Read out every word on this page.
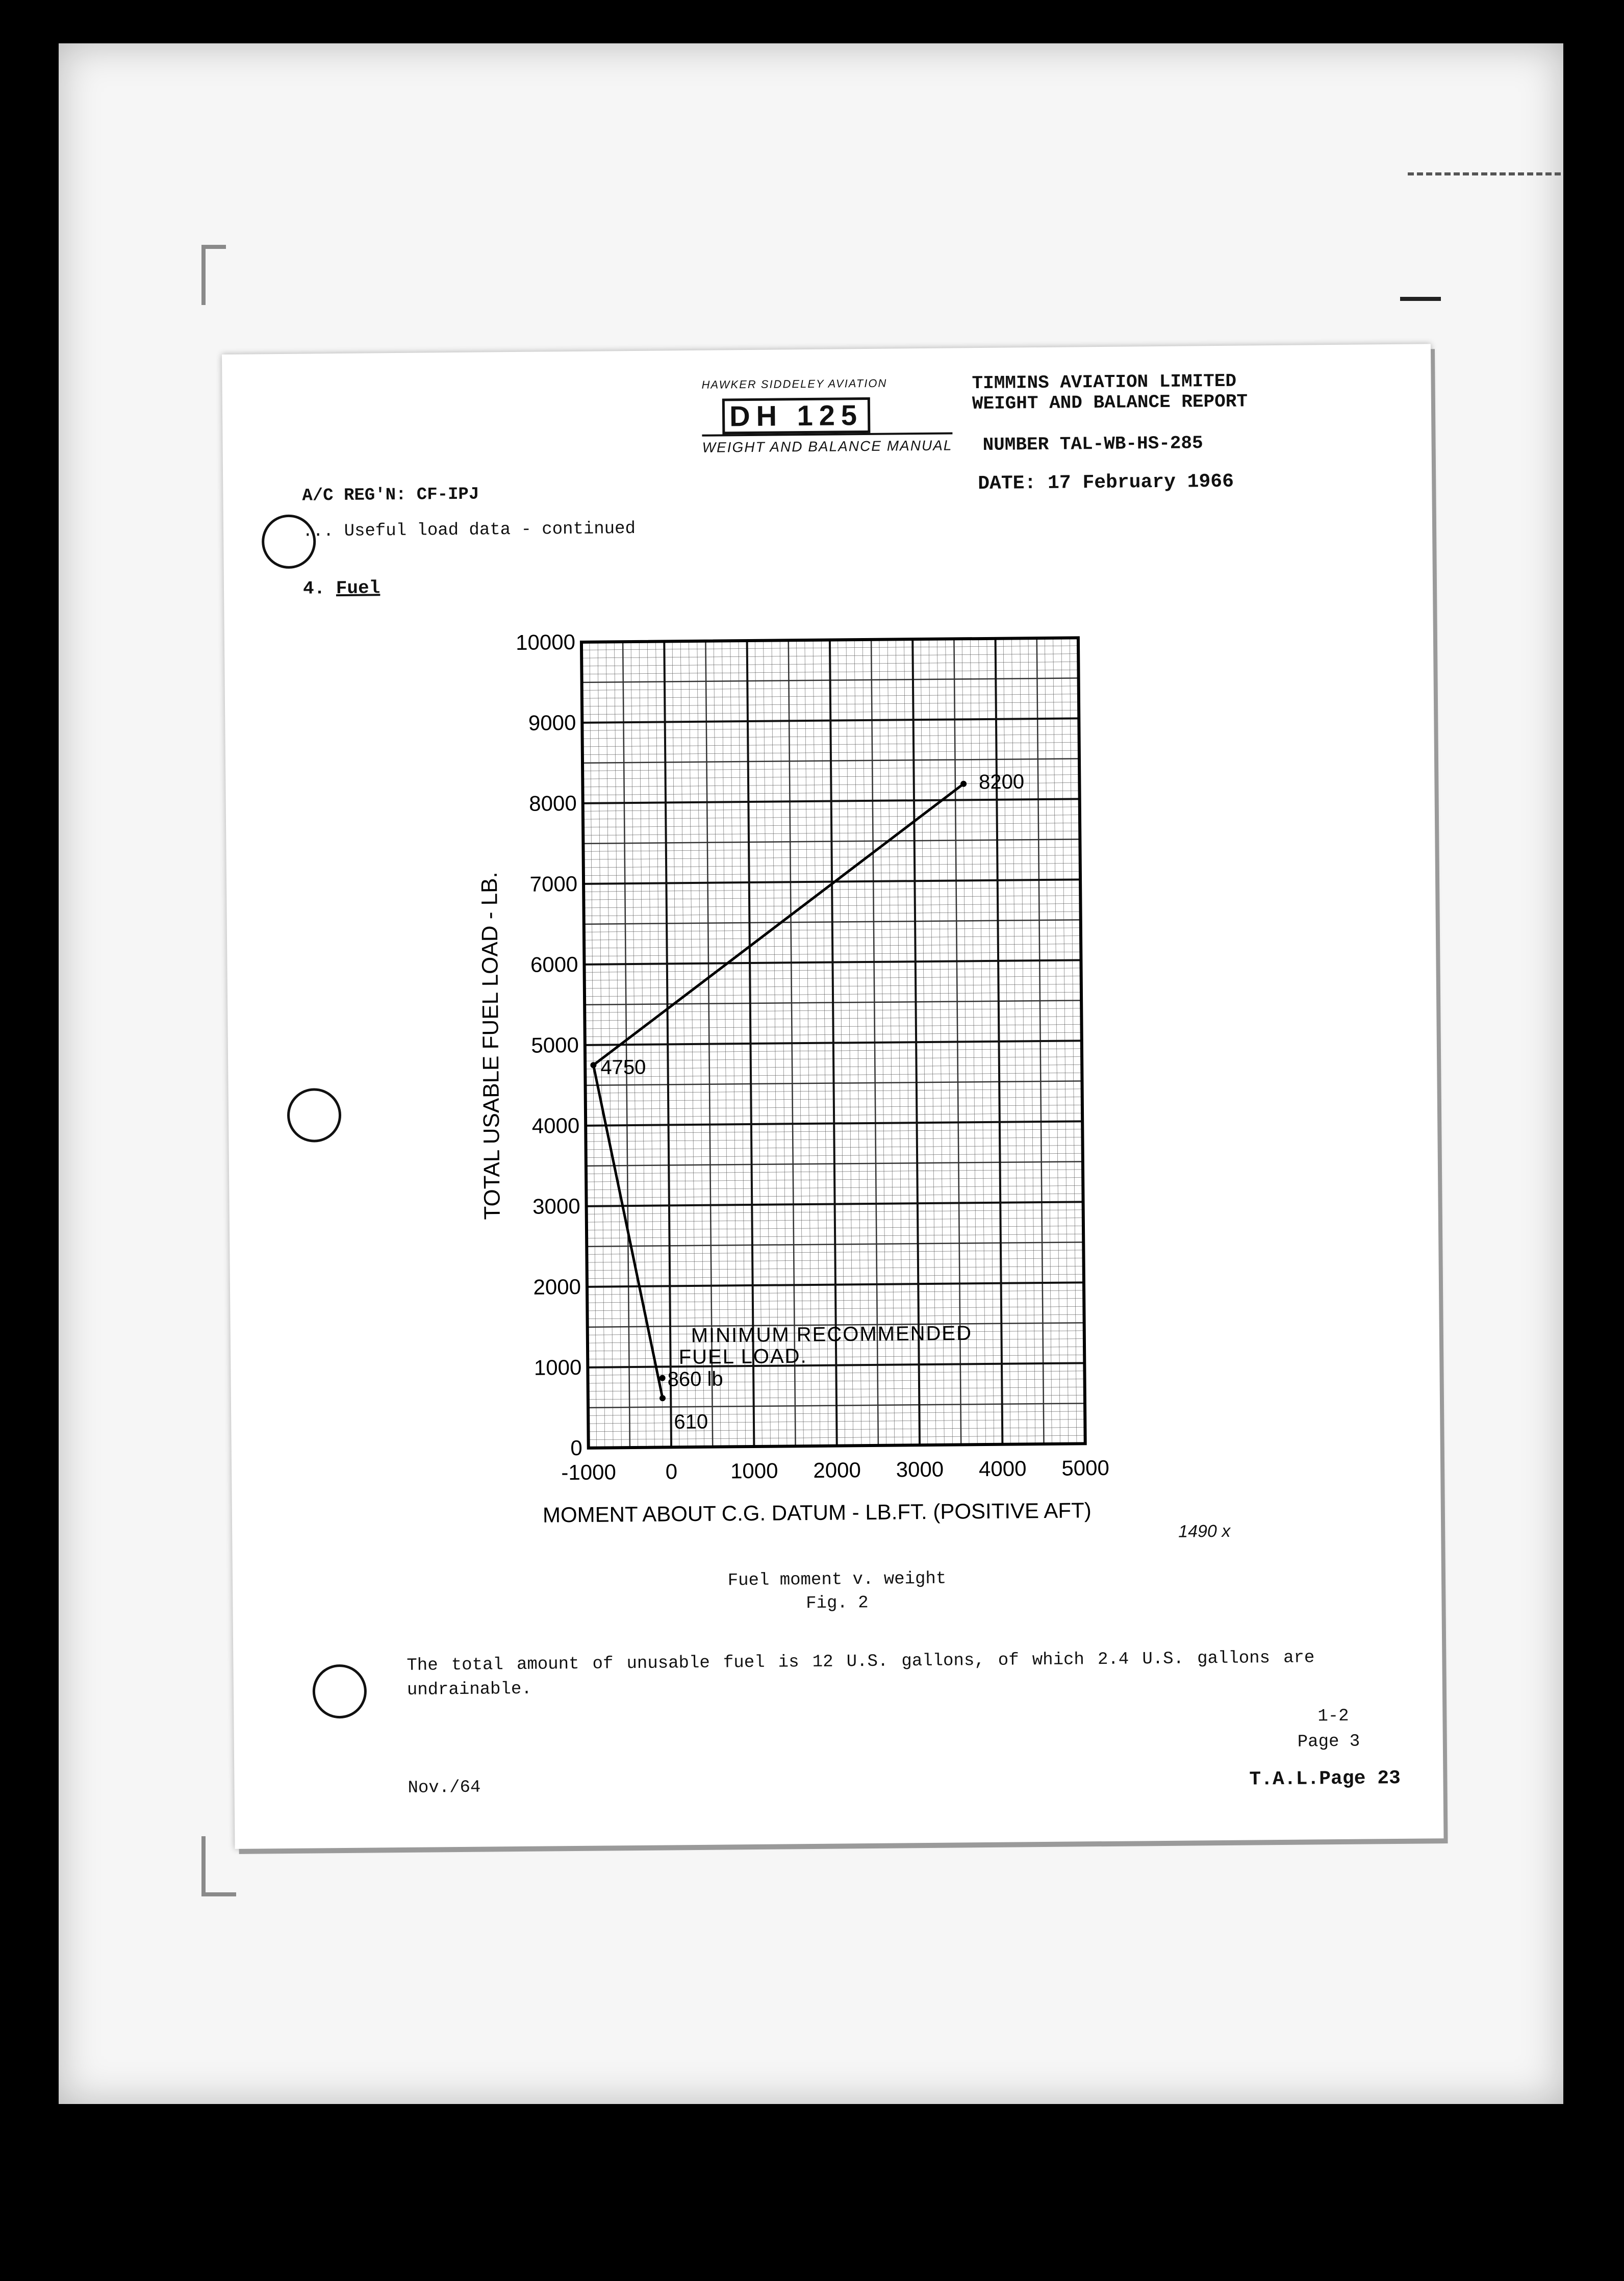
HAWKER SIDDELEY AVIATION
DH 125
WEIGHT AND BALANCE MANUAL
TIMMINS AVIATION LIMITED
WEIGHT AND BALANCE REPORT
NUMBER TAL-WB-HS-285
DATE: 17 February 1966
A/C REG'N: CF-IPJ
... Useful load data - continued
4. Fuel
0
1000
2000
3000
4000
5000
6000
7000
8000
9000
10000
-1000 0 1000 2000 3000 4000 5000
MOMENT ABOUT C.G. DATUM - LB.FT. (POSITIVE AFT)
TOTAL USABLE FUEL LOAD - LB.
8200
4750
860 lb
610
MINIMUM RECOMMENDED
FUEL LOAD.
1490 x
Fuel moment v. weight
Fig. 2
The total amount of unusable fuel is 12 U.S. gallons, of which 2.4 U.S. gallons are undrainable.
1-2
Page 3
Nov./64	T.A.L.Page 23
